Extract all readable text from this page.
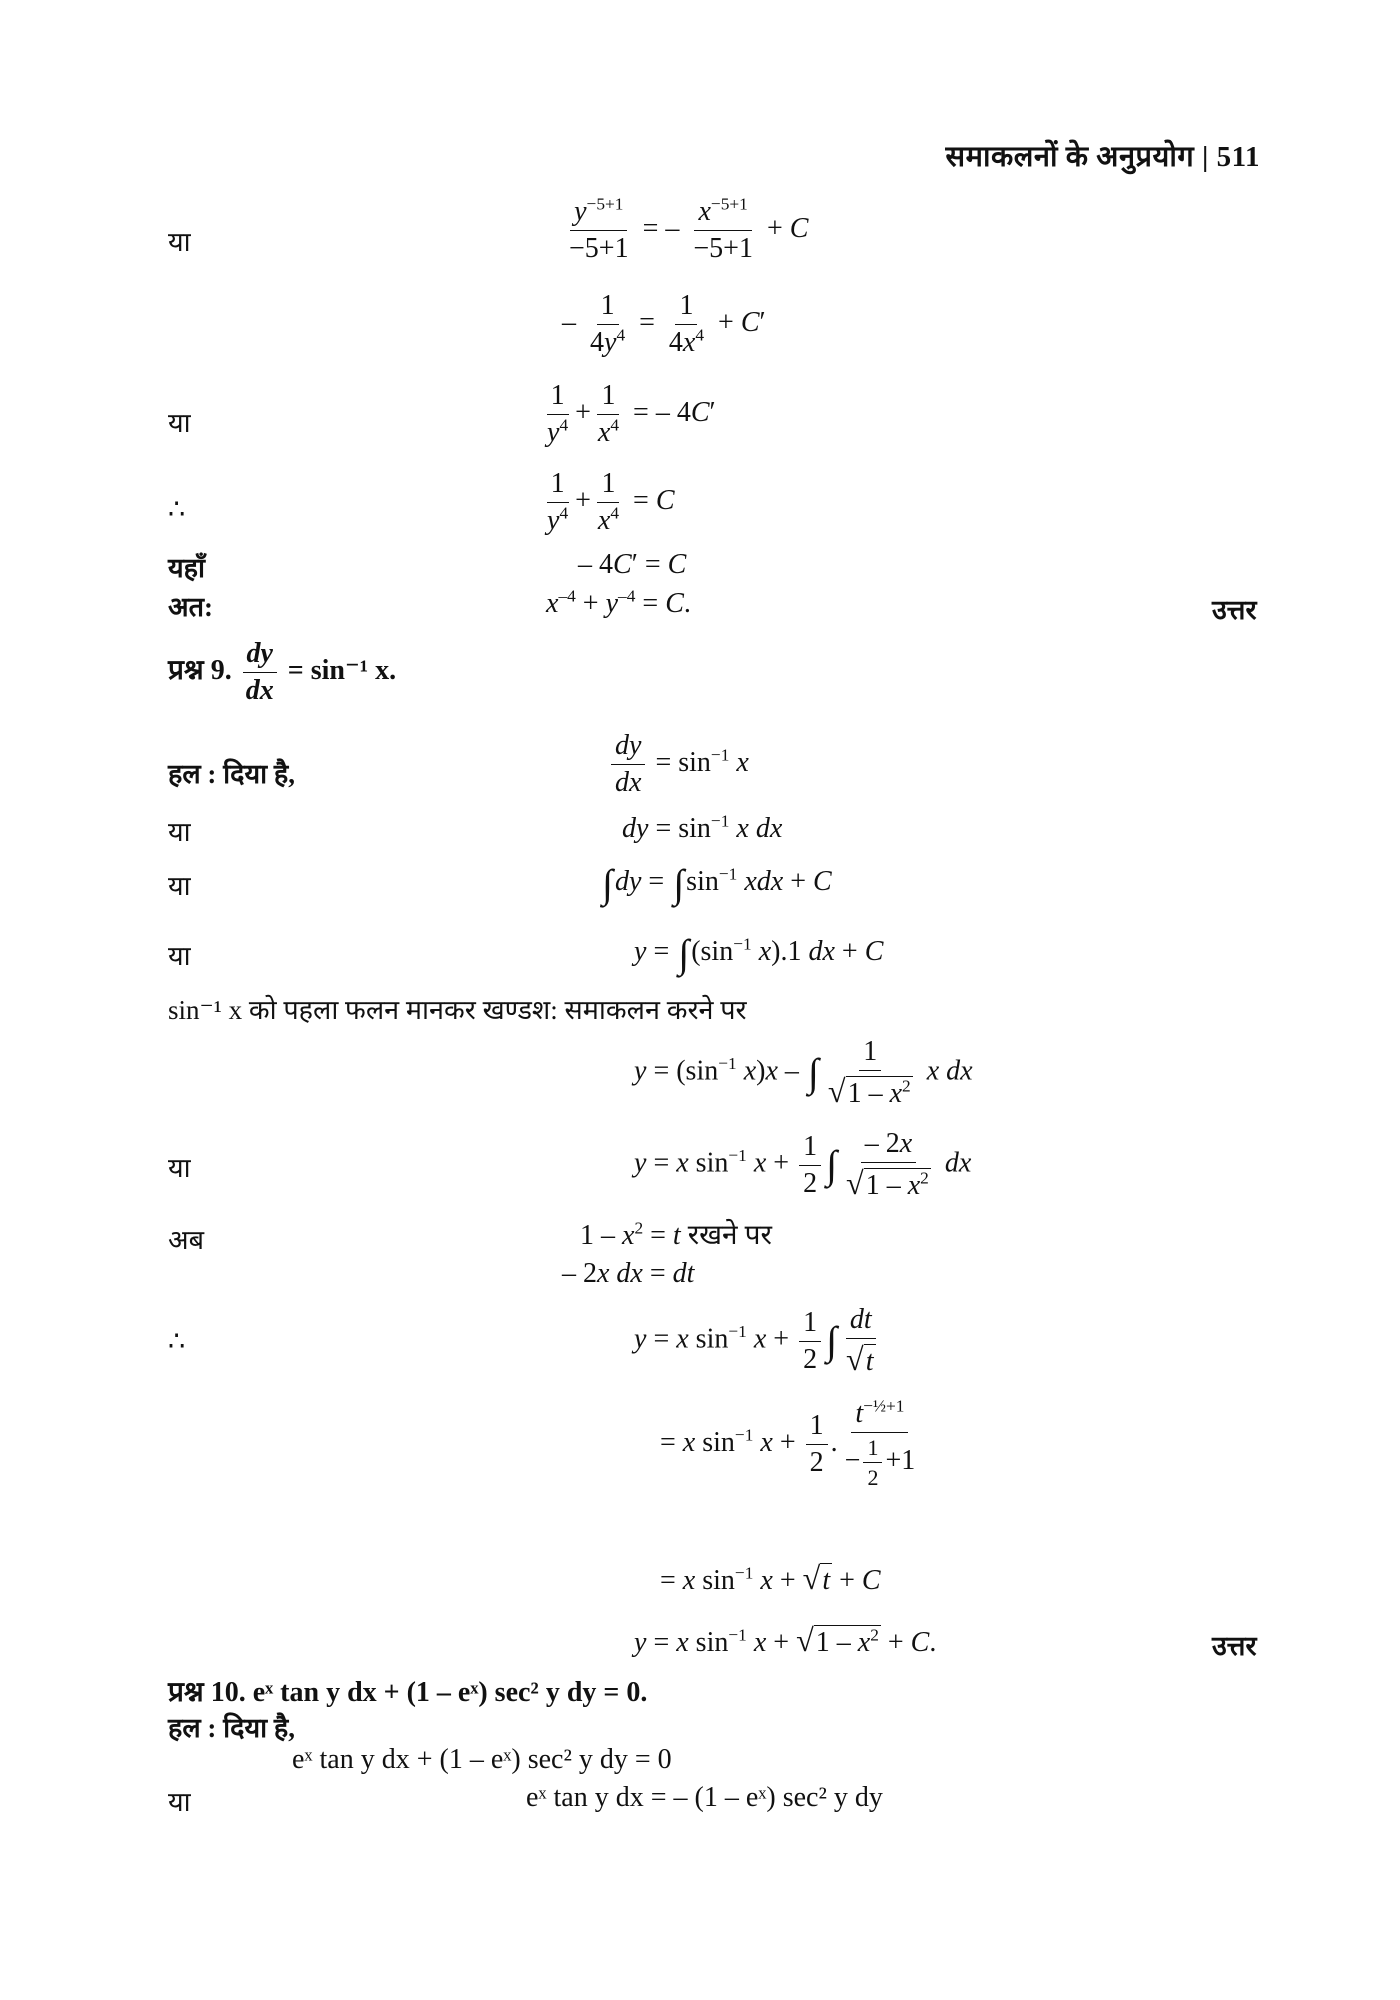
समाकलनों के अनुप्रयोग | 511
या	$\frac{y^{-5+1}}{-5+1}$ = – $\frac{x^{-5+1}}{-5+1} + C$
– $\frac{1}{4y^4} = \frac{1}{4x^4} + C'$
या	$\frac{1}{y^4} + \frac{1}{x^4}$ = – 4C′
∴	$\frac{1}{y^4} + \frac{1}{x^4} = C$
यहाँ	– 4C′ = C
अत:	$x^{-4} + y^{-4} = C$.	उत्तर
प्रश्न 9. $\frac{dy}{dx} = \sin^{-1}$ x.
हल : दिया है,	$\frac{dy}{dx} = \sin^{-1} x$
या	dy = $\sin^{-1} x$ dx
या	$\int dy = \int\sin^{-1}$ xdx + C
या	$y = \int(\sin^{-1}$ x).1 dx + C
sin⁻¹ x को पहला फलन मानकर खण्डश: समाकलन करने पर
$y = (\sin^{-1}$ x)x – ∫ $\frac{1}{√1 - x^2}$ x dx
या	y = x $\sin^{-1} x + \frac{1}{2}$ ∫ $\frac{- 2x}{√1 - x^2}$ dx
अब	$1 - x^2 = t$ रखने पर
– 2x dx = dt
∴	y = x $\sin^{-1} x + \frac{1}{2}$ ∫ $\frac{dt}{√t}$
= x $\sin^{-1} x + \frac{1}{2}$ . $\frac{t^{-\frac{1}{2}+1}}{- \frac{1}{2} +1}$
= x $\sin^{-1} x + √t + C$
y = x $\sin^{-1} x + √1 - x^2 + C$.	उत्तर
प्रश्न 10. eˣ tan y dx + (1 – eˣ) sec² y dy = 0.
हल : दिया है,
eˣ tan y dx + (1 – eˣ) sec² y dy = 0
या	eˣ tan y dx = – (1 – eˣ) sec² y dy
